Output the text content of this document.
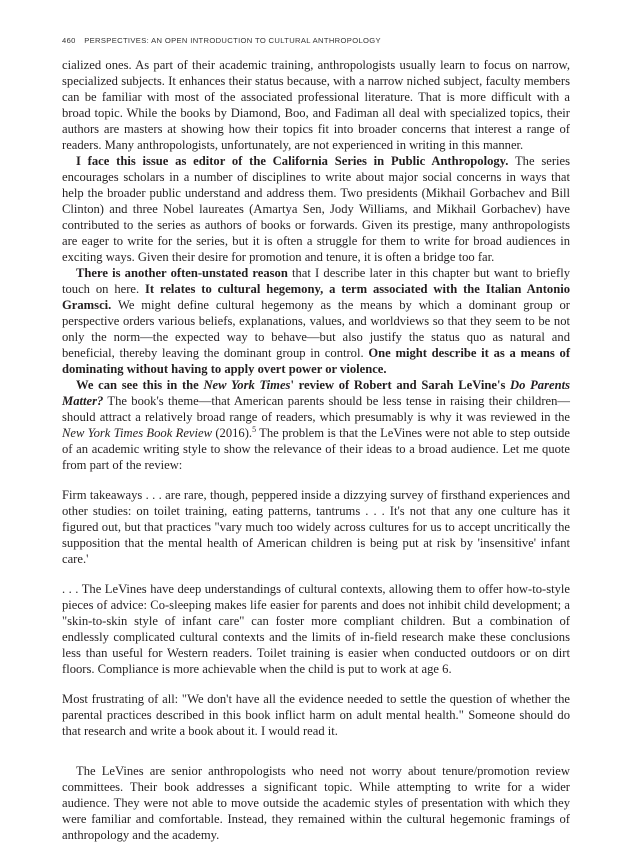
460 PERSPECTIVES: AN OPEN INTRODUCTION TO CULTURAL ANTHROPOLOGY

cialized ones. As part of their academic training, anthropologists usually learn to focus on narrow, specialized subjects. It enhances their status because, with a narrow niched subject, faculty members can be familiar with most of the associated professional literature. That is more difficult with a broad topic. While the books by Diamond, Boo, and Fadiman all deal with specialized topics, their authors are masters at showing how their topics fit into broader concerns that interest a range of readers. Many anthropologists, unfortunately, are not experienced in writing in this manner.

I face this issue as editor of the California Series in Public Anthropology. The series encourages scholars in a number of disciplines to write about major social concerns in ways that help the broader public understand and address them. Two presidents (Mikhail Gorbachev and Bill Clinton) and three Nobel laureates (Amartya Sen, Jody Williams, and Mikhail Gorbachev) have contributed to the series as authors of books or forwards. Given its prestige, many anthropologists are eager to write for the series, but it is often a struggle for them to write for broad audiences in exciting ways. Given their desire for promotion and tenure, it is often a bridge too far.

There is another often-unstated reason that I describe later in this chapter but want to briefly touch on here. It relates to cultural hegemony, a term associated with the Italian Antonio Gramsci. We might define cultural hegemony as the means by which a dominant group or perspective orders various beliefs, explanations, values, and worldviews so that they seem to be not only the norm—the expected way to behave—but also justify the status quo as natural and beneficial, thereby leaving the dominant group in control. One might describe it as a means of dominating without having to apply overt power or violence.

We can see this in the New York Times' review of Robert and Sarah LeVine's Do Parents Matter? The book's theme—that American parents should be less tense in raising their children—should attract a relatively broad range of readers, which presumably is why it was reviewed in the New York Times Book Review (2016).$^5$ The problem is that the LeVines were not able to step outside of an academic writing style to show the relevance of their ideas to a broad audience. Let me quote from part of the review:

Firm takeaways . . . are rare, though, peppered inside a dizzying survey of firsthand experiences and other studies: on toilet training, eating patterns, tantrums . . . It's not that any one culture has it figured out, but that practices "vary much too widely across cultures for us to accept uncritically the supposition that the mental health of American children is being put at risk by 'insensitive' infant care.'

. . . The LeVines have deep understandings of cultural contexts, allowing them to offer how-to-style pieces of advice: Co-sleeping makes life easier for parents and does not inhibit child development; a "skin-to-skin style of infant care" can foster more compliant children. But a combination of endlessly complicated cultural contexts and the limits of in-field research make these conclusions less than useful for Western readers. Toilet training is easier when conducted outdoors or on dirt floors. Compliance is more achievable when the child is put to work at age 6.

Most frustrating of all: "We don't have all the evidence needed to settle the question of whether the parental practices described in this book inflict harm on adult mental health." Someone should do that research and write a book about it. I would read it.

The LeVines are senior anthropologists who need not worry about tenure/promotion review committees. Their book addresses a significant topic. While attempting to write for a wider audience. They were not able to move outside the academic styles of presentation with which they were familiar and comfortable. Instead, they remained within the cultural hegemonic framings of anthropology and the academy.
